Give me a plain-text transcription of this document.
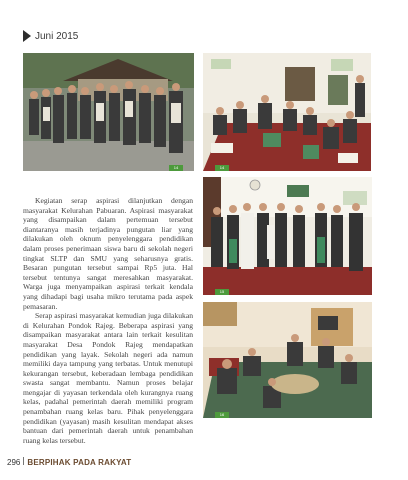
Juni 2015
14	14
15
16

Kegiatan serap aspirasi dilanjutkan dengan masyarakat Kelurahan Pabuaran. Aspirasi masyarakat yang disampaikan dalam pertemuan tersebut diantaranya masih terjadinya pungutan liar yang dilakukan oleh oknum penyelenggara pendidikan dalam proses penerimaan siswa baru di sekolah negeri tingkat SLTP dan SMU yang seharusnya gratis. Besaran pungutan tersebut sampai Rp5 juta. Hal tersebut tentunya sangat meresahkan masyarakat. Warga juga menyampaikan aspirasi terkait kendala yang dihadapi bagi usaha mikro terutama pada aspek pemasaran.

Serap aspirasi masyarakat kemudian juga dilakukan di Kelurahan Pondok Rajeg. Beberapa aspirasi yang disampaikan masyarakat antara lain terkait kesulitan masyarakat Desa Pondok Rajeg mendapatkan pendidikan yang layak. Sekolah negeri ada namun memiliki daya tampung yang terbatas. Untuk menutupi kekurangan tersebut, keberadaan lembaga pendidikan swasta sangat membantu. Namun proses belajar mengajar di yayasan terkendala oleh kurangnya ruang kelas, padahal pemerintah daerah memiliki program penambahan ruang kelas baru. Pihak penyelenggara pendidikan (yayasan) masih kesulitan mendapat akses bantuan dari pemerintah daerah untuk penambahan ruang kelas tersebut.

296 BERPIHAK PADA RAKYAT
